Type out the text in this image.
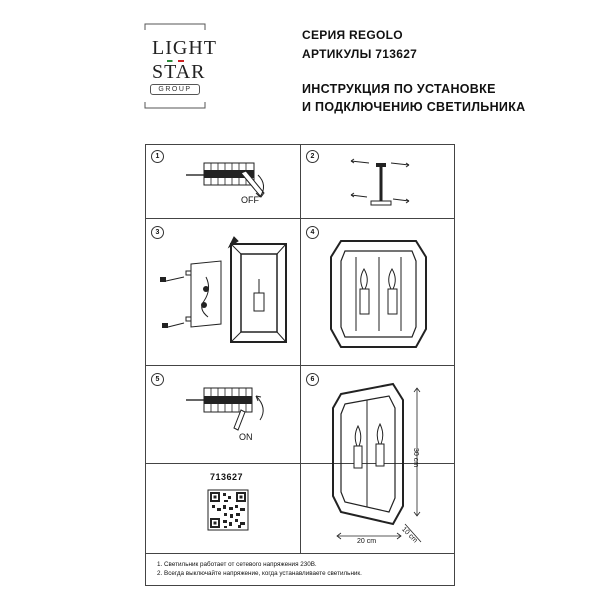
LIGHT
STAR
GROUP
СЕРИЯ REGOLO
АРТИКУЛЫ 713627
ИНСТРУКЦИЯ ПО УСТАНОВКЕ
И ПОДКЛЮЧЕНИЮ СВЕТИЛЬНИКА
1
OFF
2
3	4
5
ON
6
30 cm
20 cm	10 cm
713627
1. Светильник работает от сетевого напряжения 230В.
2. Всегда выключайте напряжение, когда устанавливаете светильник.
